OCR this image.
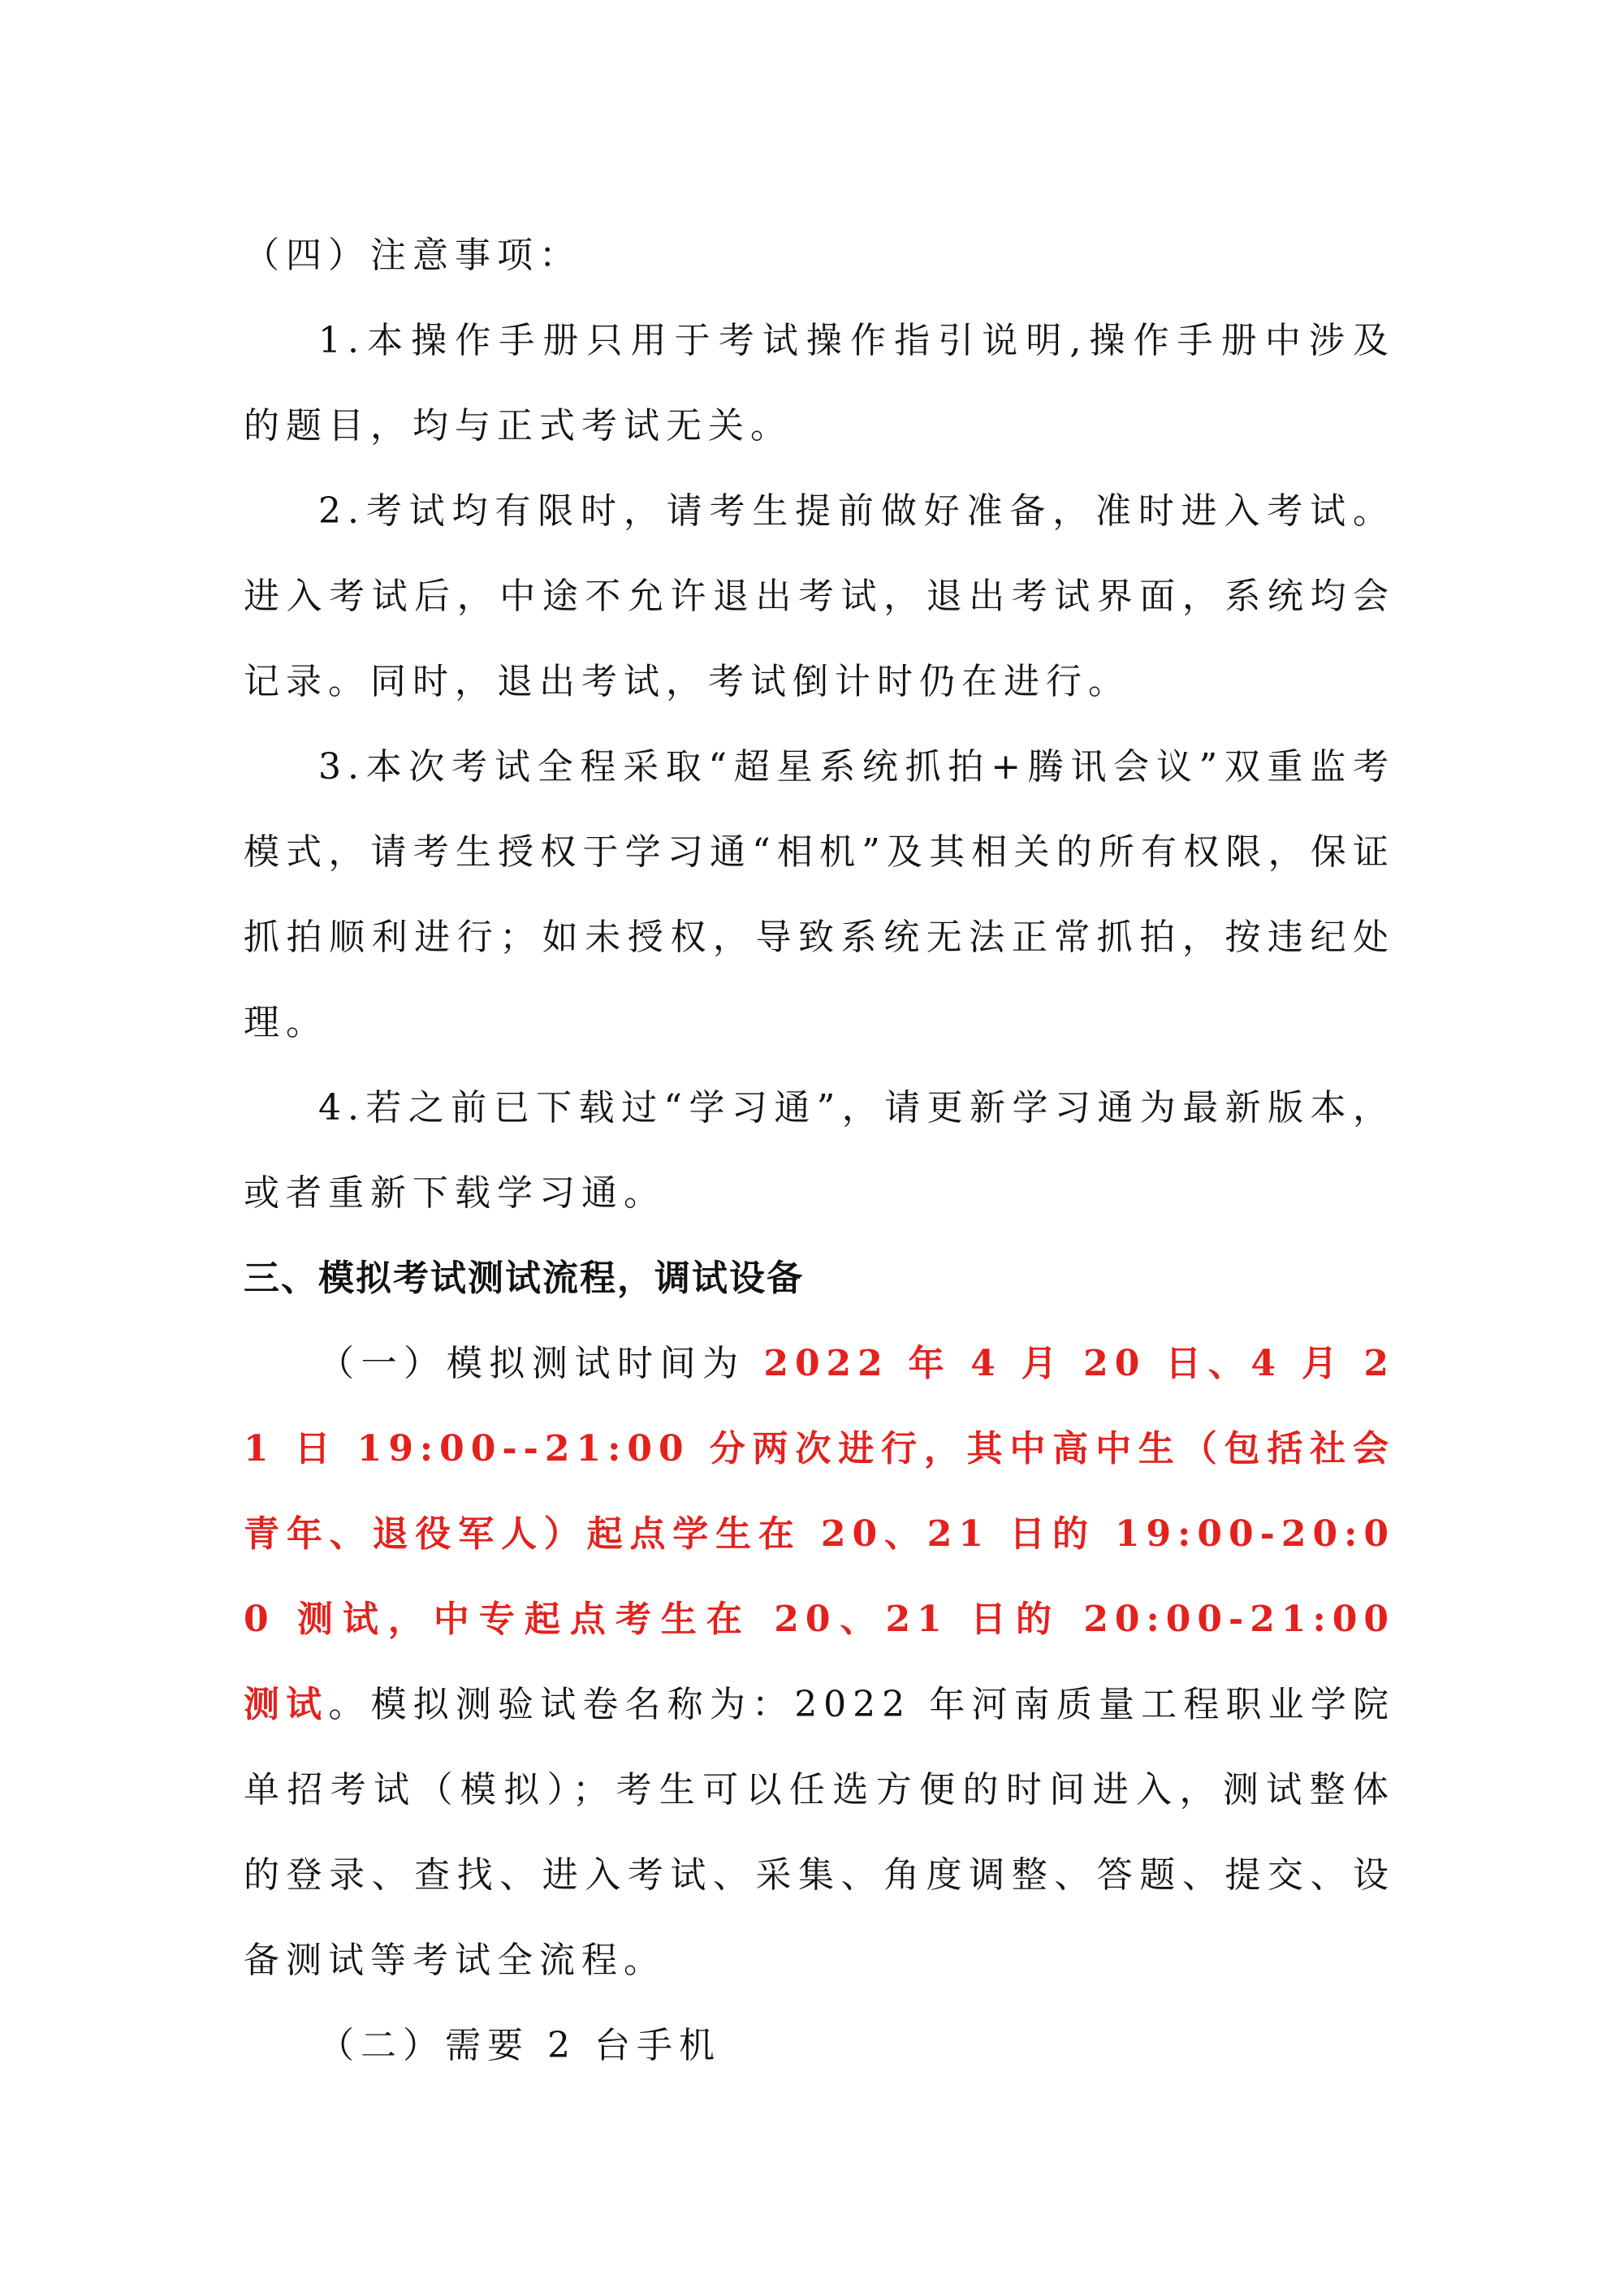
（四）注意事项：

1.本操作手册只用于考试操作指引说明,操作手册中涉及的题目，均与正式考试无关。

2.考试均有限时，请考生提前做好准备，准时进入考试。进入考试后，中途不允许退出考试，退出考试界面，系统均会记录。同时，退出考试，考试倒计时仍在进行。

3.本次考试全程采取“超星系统抓拍+腾讯会议”双重监考模式，请考生授权于学习通“相机”及其相关的所有权限，保证抓拍顺利进行；如未授权，导致系统无法正常抓拍，按违纪处理。

4.若之前已下载过“学习通”，请更新学习通为最新版本，或者重新下载学习通。

三、模拟考试测试流程，调试设备

（一）模拟测试时间为 2022 年 4 月 20 日、4 月 21 日 19:00--21:00 分两次进行，其中高中生（包括社会青年、退役军人）起点学生在 20、21 日的 19:00-20:00 测试，中专起点考生在 20、21 日的 20:00-21:00 测试。模拟测验试卷名称为：2022 年河南质量工程职业学院单招考试（模拟）；考生可以任选方便的时间进入，测试整体的登录、查找、进入考试、采集、角度调整、答题、提交、设备测试等考试全流程。

（二）需要 2 台手机
